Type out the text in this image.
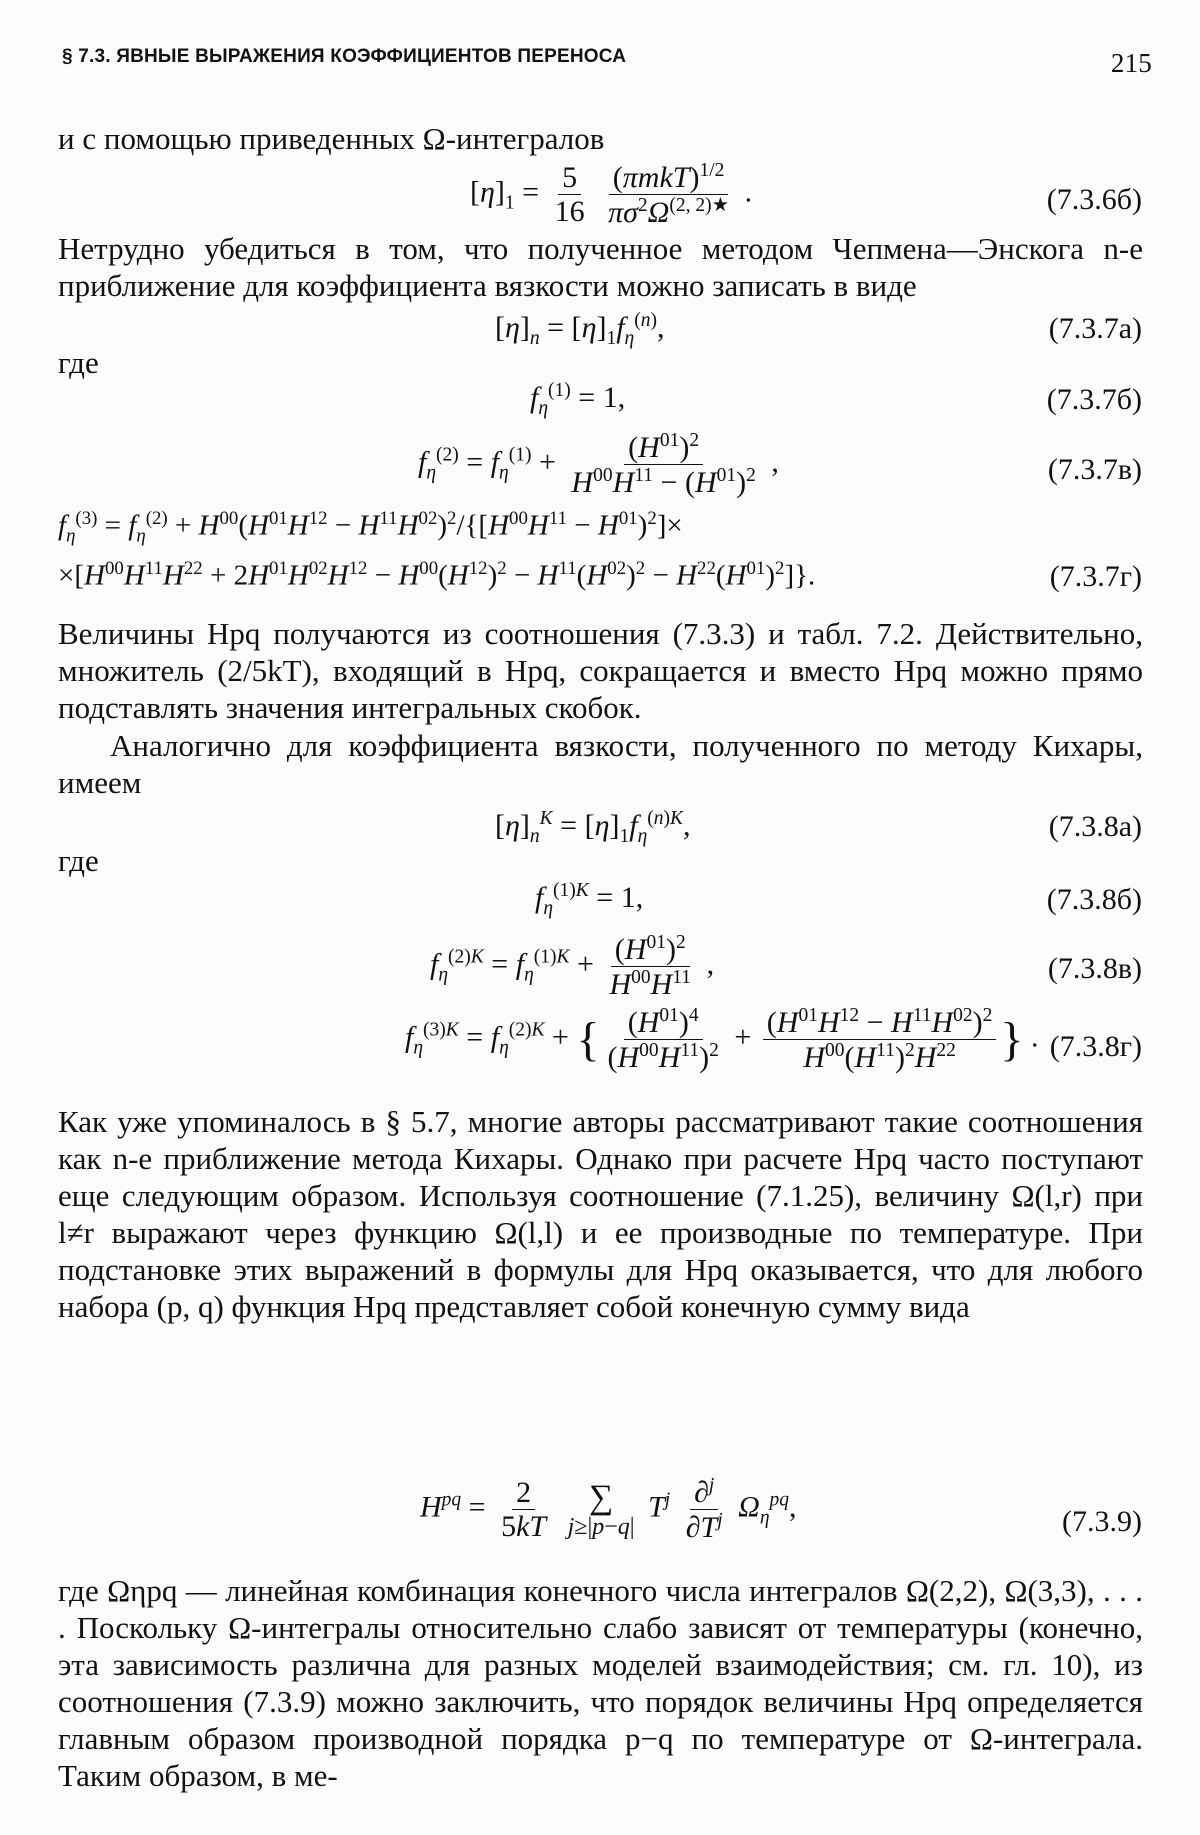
§ 7.3. ЯВНЫЕ ВЫРАЖЕНИЯ КОЭФФИЦИЕНТОВ ПЕРЕНОСА	215
и с помощью приведенных Ω-интегралов
$[\eta]_1 = \frac{5}{16}$
$\frac{(\pi mkT)^{1/2}}{\pi\sigma^2\Omega^{(2, 2)★}}$ .	(7.3.6б)
Нетрудно убедиться в том, что полученное методом Чепмена—Энскога n-е приближение для коэффициента вязкости можно записать в виде
$[\eta]_n = [\eta]_1f_\eta^{(n)}$,	(7.3.7а)
где
$f_\eta^{(1)} = 1$,	(7.3.7б)
$f_\eta^{(2)} = f_\eta^{(1)} + \frac{(H^{01})^2}{H^{00}H^{11} - (H^{01})^2}$ ,	(7.3.7в)
$f_\eta^{(3)} = f_\eta^{(2)} + H^{00}(H^{01}H^{12} - H^{11}H^{02})^2/\{[H^{00}H^{11} - H^{01})^2]\times$
$\times[H^{00}H^{11}H^{22} + 2H^{01}H^{02}H^{12} - H^{00}(H^{12})^2 - H^{11}(H^{02})^2 - H^{22}(H^{01})^2]$}.	(7.3.7г)
Величины Hpq получаются из соотношения (7.3.3) и табл. 7.2. Действительно, множитель (2/5kT), входящий в Hpq, сокращается и вместо Hpq можно прямо подставлять значения интегральных скобок.
Аналогично для коэффициента вязкости, полученного по методу Кихары, имеем
$[\eta]_n^K = [\eta]_1f_\eta^{(n)K}$,	(7.3.8а)
где
$f_\eta^{(1)K} = 1$,	(7.3.8б)
$f_\eta^{(2)K} = f_\eta^{(1)K} + \frac{(H^{01})^2}{H^{00}H^{11}}$ ,	(7.3.8в)
$f_\eta^{(3)K} = f_\eta^{(2)K}$ + { $\frac{(H^{01})^4}{(H^{00}H^{11})^2} + \frac{(H^{01}H^{12} - H^{11}H^{02})^2}{H^{00}(H^{11})^2H^{22}}$ } . (7.3.8г)
Как уже упоминалось в § 5.7, многие авторы рассматривают такие соотношения как n-е приближение метода Кихары. Однако при расчете Hpq часто поступают еще следующим образом. Используя соотношение (7.1.25), величину Ω(l,r) при l≠r выражают через функцию Ω(l,l) и ее производные по температуре. При подстановке этих выражений в формулы для Hpq оказывается, что для любого набора (p, q) функция Hpq представляет собой конечную сумму вида
$H^{pq} = \frac{2}{5kT}$
∑
j≥|p−q|
$T^j \frac{\partial^j}{\partial T^j} \Omega_\eta^{pq}$,	(7.3.9)
где Ωηpq — линейная комбинация конечного числа интегралов Ω(2,2), Ω(3,3), . . . . Поскольку Ω-интегралы относительно слабо зависят от температуры (конечно, эта зависимость различна для разных моделей взаимодействия; см. гл. 10), из соотношения (7.3.9) можно заключить, что порядок величины Hpq определяется главным образом производной порядка p−q по температуре от Ω-интеграла. Таким образом, в ме-
